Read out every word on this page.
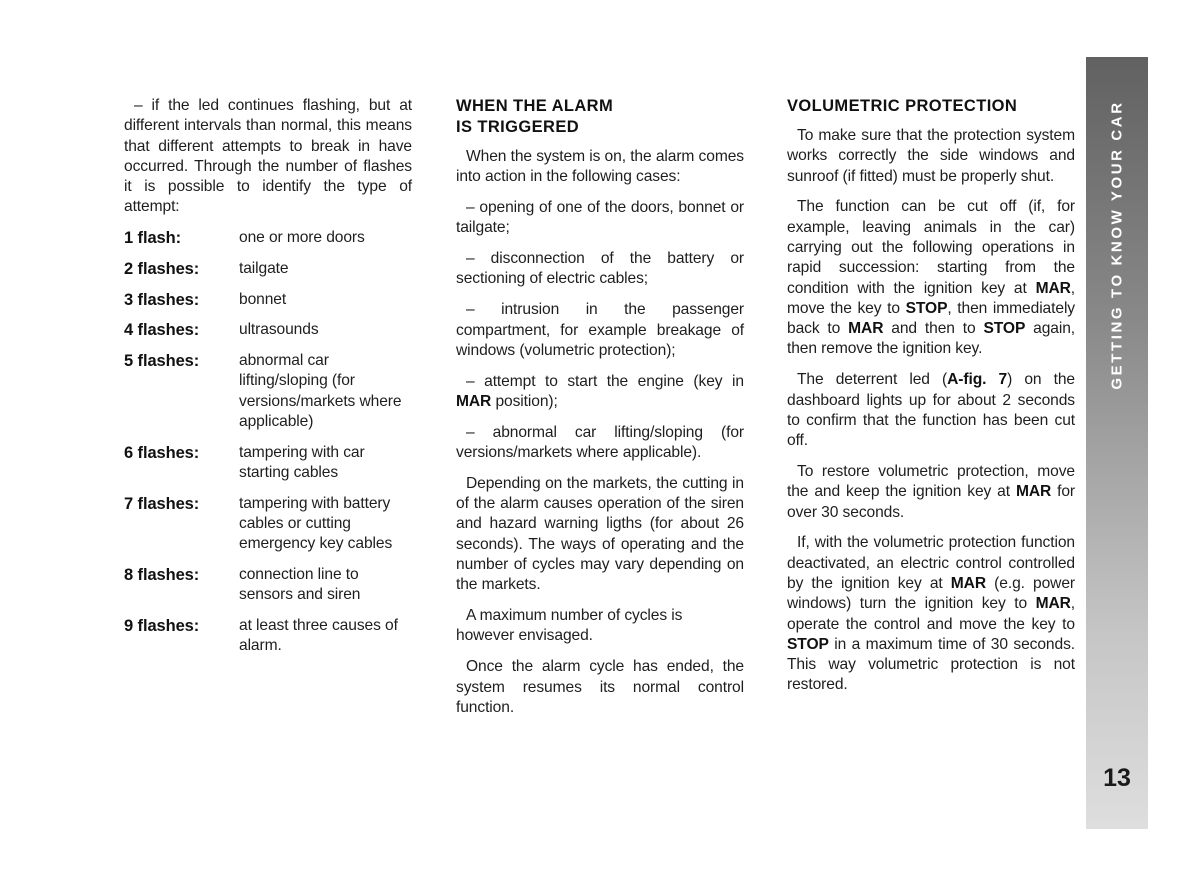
– if the led continues flashing, but at different intervals than normal, this means that different attempts to break in have occurred. Through the number of flashes it is possible to identify the type of attempt:

1 flash:	one or more doors
2 flashes:	tailgate
3 flashes:	bonnet
4 flashes:	ultrasounds
5 flashes:	abnormal car lifting/sloping (for versions/markets where applicable)
6 flashes:	tampering with car starting cables
7 flashes:	tampering with battery cables or cutting emergency key cables
8 flashes:	connection line to sensors and siren
9 flashes:	at least three causes of alarm.
WHEN THE ALARM
IS TRIGGERED

When the system is on, the alarm comes into action in the following cases:

– opening of one of the doors, bonnet or tailgate;

– disconnection of the battery or sectioning of electric cables;

– intrusion in the passenger compartment, for example breakage of windows (volumetric protection);

– attempt to start the engine (key in MAR position);

– abnormal car lifting/sloping (for versions/markets where applicable).

Depending on the markets, the cutting in of the alarm causes operation of the siren and hazard warning ligths (for about 26 seconds). The ways of operating and the number of cycles may vary depending on the markets.

A maximum number of cycles is however envisaged.

Once the alarm cycle has ended, the system resumes its normal control function.

VOLUMETRIC PROTECTION

To make sure that the protection system works correctly the side windows and sunroof (if fitted) must be properly shut.

The function can be cut off (if, for example, leaving animals in the car) carrying out the following operations in rapid succession: starting from the condition with the ignition key at MAR, move the key to STOP, then immediately back to MAR and then to STOP again, then remove the ignition key.

The deterrent led (A-fig. 7) on the dashboard lights up for about 2 seconds to confirm that the function has been cut off.

To restore volumetric protection, move the and keep the ignition key at MAR for over 30 seconds.

If, with the volumetric protection function deactivated, an electric control controlled by the ignition key at MAR (e.g. power windows) turn the ignition key to MAR, operate the control and move the key to STOP in a maximum time of 30 seconds. This way volumetric protection is not restored.

GETTING TO KNOW YOUR CAR
13
